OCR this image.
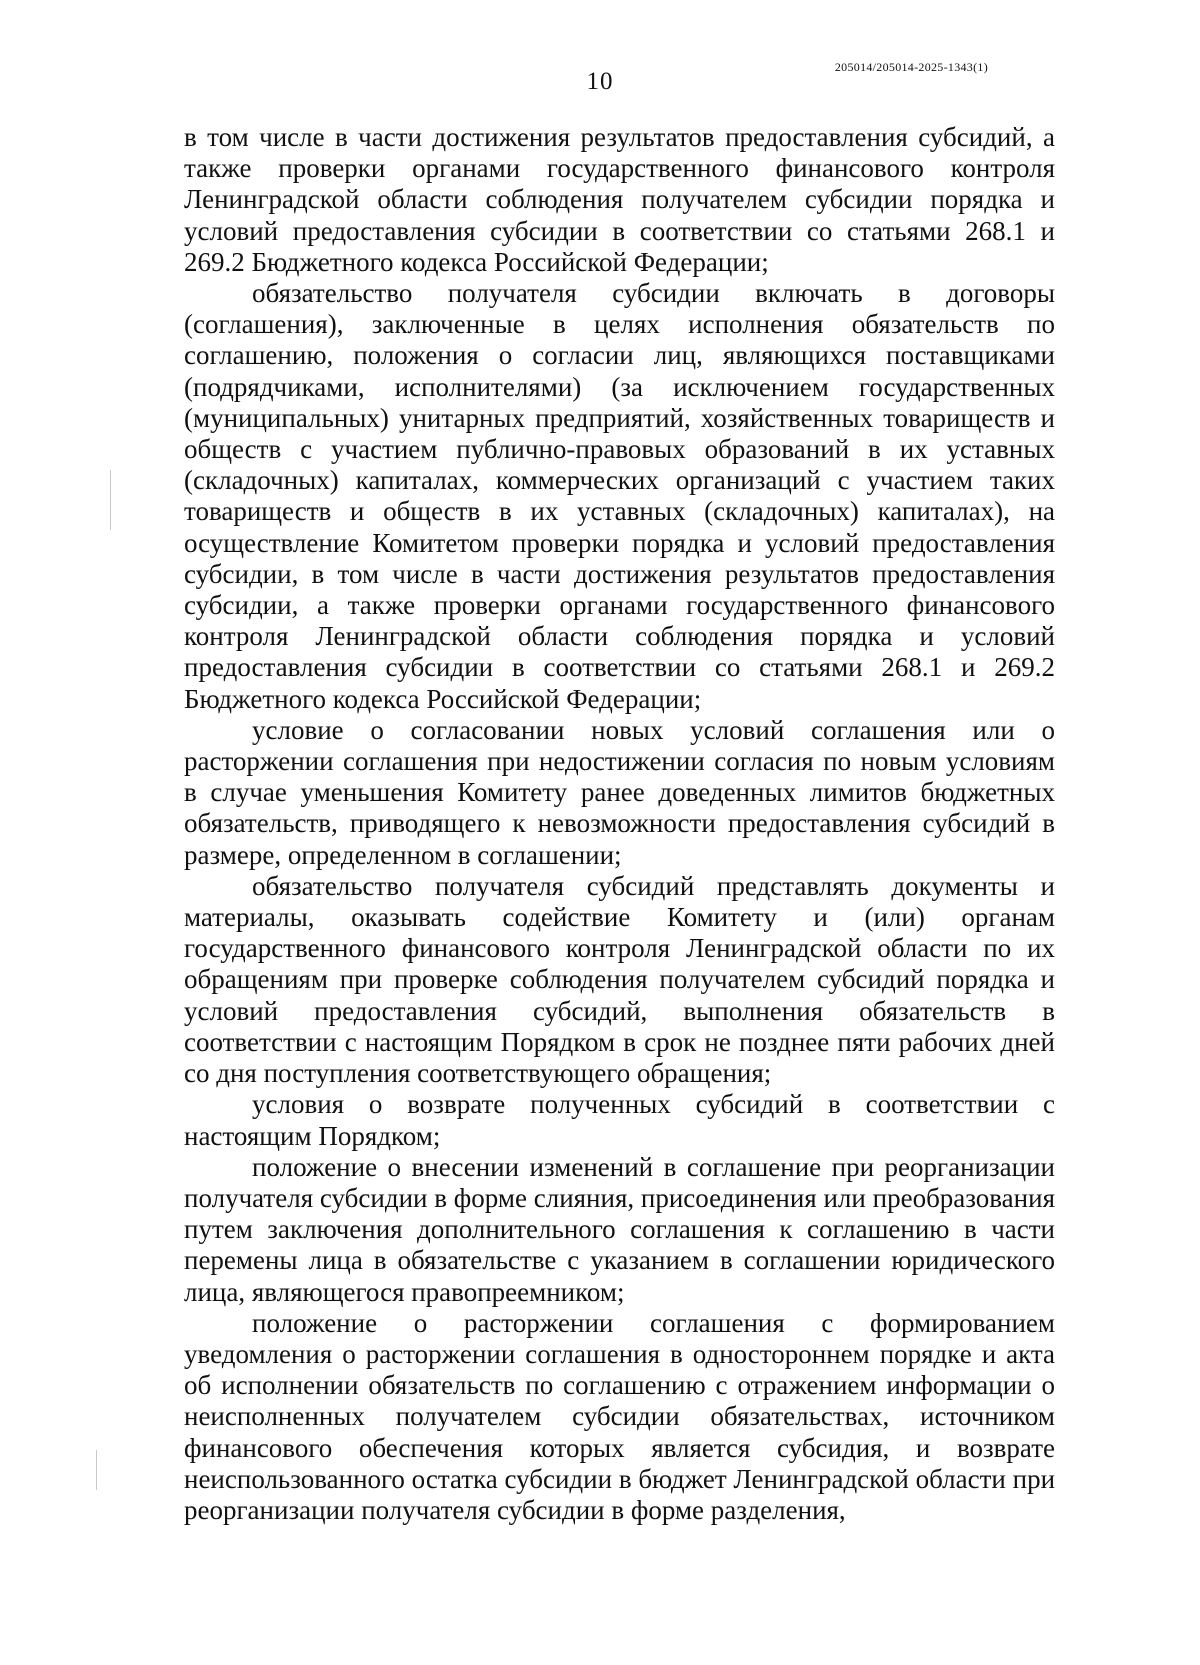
10
205014/205014-2025-1343(1)

в том числе в части достижения результатов предоставления субсидий, а также проверки органами государственного финансового контроля Ленинградской области соблюдения получателем субсидии порядка и условий предоставления субсидии в соответствии со статьями 268.1 и 269.2 Бюджетного кодекса Российской Федерации;

обязательство получателя субсидии включать в договоры (соглашения), заключенные в целях исполнения обязательств по соглашению, положения о согласии лиц, являющихся поставщиками (подрядчиками, исполнителями) (за исключением государственных (муниципальных) унитарных предприятий, хозяйственных товариществ и обществ с участием публично-правовых образований в их уставных (складочных) капиталах, коммерческих организаций с участием таких товариществ и обществ в их уставных (складочных) капиталах), на осуществление Комитетом проверки порядка и условий предоставления субсидии, в том числе в части достижения результатов предоставления субсидии, а также проверки органами государственного финансового контроля Ленинградской области соблюдения порядка и условий предоставления субсидии в соответствии со статьями 268.1 и 269.2 Бюджетного кодекса Российской Федерации;

условие о согласовании новых условий соглашения или о расторжении соглашения при недостижении согласия по новым условиям в случае уменьшения Комитету ранее доведенных лимитов бюджетных обязательств, приводящего к невозможности предоставления субсидий в размере, определенном в соглашении;

обязательство получателя субсидий представлять документы и материалы, оказывать содействие Комитету и (или) органам государственного финансового контроля Ленинградской области по их обращениям при проверке соблюдения получателем субсидий порядка и условий предоставления субсидий, выполнения обязательств в соответствии с настоящим Порядком в срок не позднее пяти рабочих дней со дня поступления соответствующего обращения;

условия о возврате полученных субсидий в соответствии с настоящим Порядком;

положение о внесении изменений в соглашение при реорганизации получателя субсидии в форме слияния, присоединения или преобразования путем заключения дополнительного соглашения к соглашению в части перемены лица в обязательстве с указанием в соглашении юридического лица, являющегося правопреемником;

положение о расторжении соглашения с формированием уведомления о расторжении соглашения в одностороннем порядке и акта об исполнении обязательств по соглашению с отражением информации о неисполненных получателем субсидии обязательствах, источником финансового обеспечения которых является субсидия, и возврате неиспользованного остатка субсидии в бюджет Ленинградской области при реорганизации получателя субсидии в форме разделения,
